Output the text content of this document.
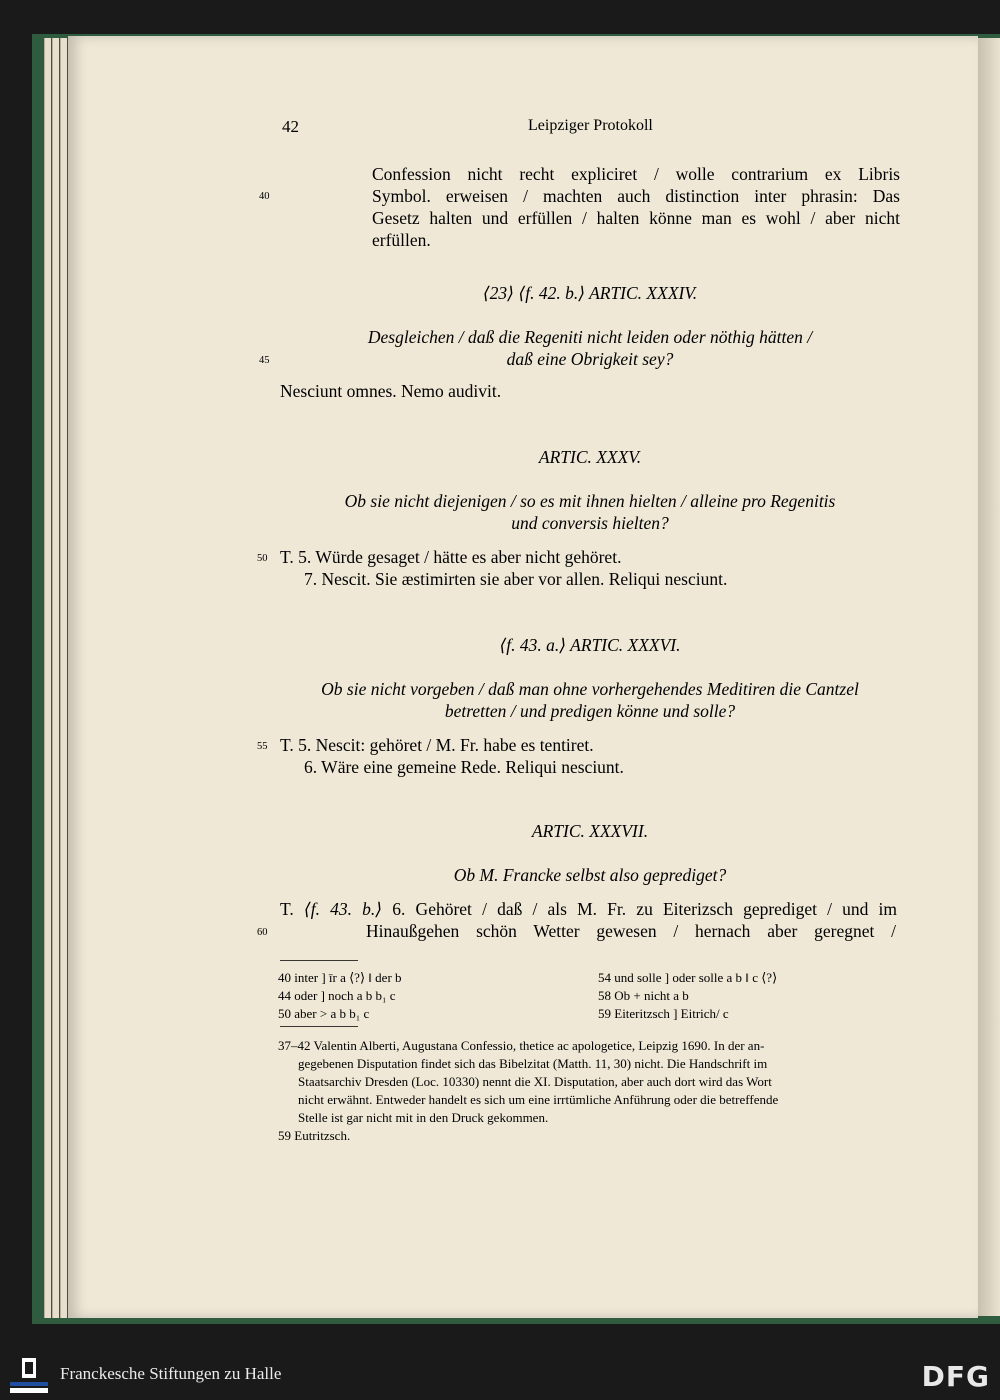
42	Leipziger Protokoll
Confession nicht recht expliciret / wolle contrarium ex Libris
40	Symbol. erweisen / machten auch distinction inter phrasin: Das
Gesetz halten und erfüllen / halten könne man es wohl / aber nicht
erfüllen.
⟨23⟩ ⟨f. 42. b.⟩ ARTIC. XXXIV.
Desgleichen / daß die Regeniti nicht leiden oder nöthig hätten /
45	daß eine Obrigkeit sey?
Nesciunt omnes. Nemo audivit.
ARTIC. XXXV.
Ob sie nicht diejenigen / so es mit ihnen hielten / alleine pro Regenitis
und conversis hielten?
50 T. 5. Würde gesaget / hätte es aber nicht gehöret.
7. Nescit. Sie æstimirten sie aber vor allen. Reliqui nesciunt.
⟨f. 43. a.⟩ ARTIC. XXXVI.
Ob sie nicht vorgeben / daß man ohne vorhergehendes Meditiren die Cantzel
betretten / und predigen könne und solle?
55 T. 5. Nescit: gehöret / M. Fr. habe es tentiret.
6. Wäre eine gemeine Rede. Reliqui nesciunt.
ARTIC. XXXVII.
Ob M. Francke selbst also geprediget?
T. ⟨f. 43. b.⟩ 6. Gehöret / daß / als M. Fr. zu Eiterizsch geprediget / und im
60	Hinaußgehen schön Wetter gewesen / hernach aber geregnet /
40 inter ] īr a ⟨?⟩ ‖ der b
44 oder ] noch a b b₁ c
50 aber > a b b₁ c
54 und solle ] oder solle a b ‖ c ⟨?⟩
58 Ob + nicht a b
59 Eiteritzsch ] Eitrich/ c
37–42 Valentin Alberti, Augustana Confessio, thetice ac apologetice, Leipzig 1690. In der an-
gegebenen Disputation findet sich das Bibelzitat (Matth. 11, 30) nicht. Die Handschrift im
Staatsarchiv Dresden (Loc. 10330) nennt die XI. Disputation, aber auch dort wird das Wort
nicht erwähnt. Entweder handelt es sich um eine irrtümliche Anführung oder die betreffende
Stelle ist gar nicht mit in den Druck gekommen.
59 Eutritzsch.
Franckesche Stiftungen zu Halle	DFG
